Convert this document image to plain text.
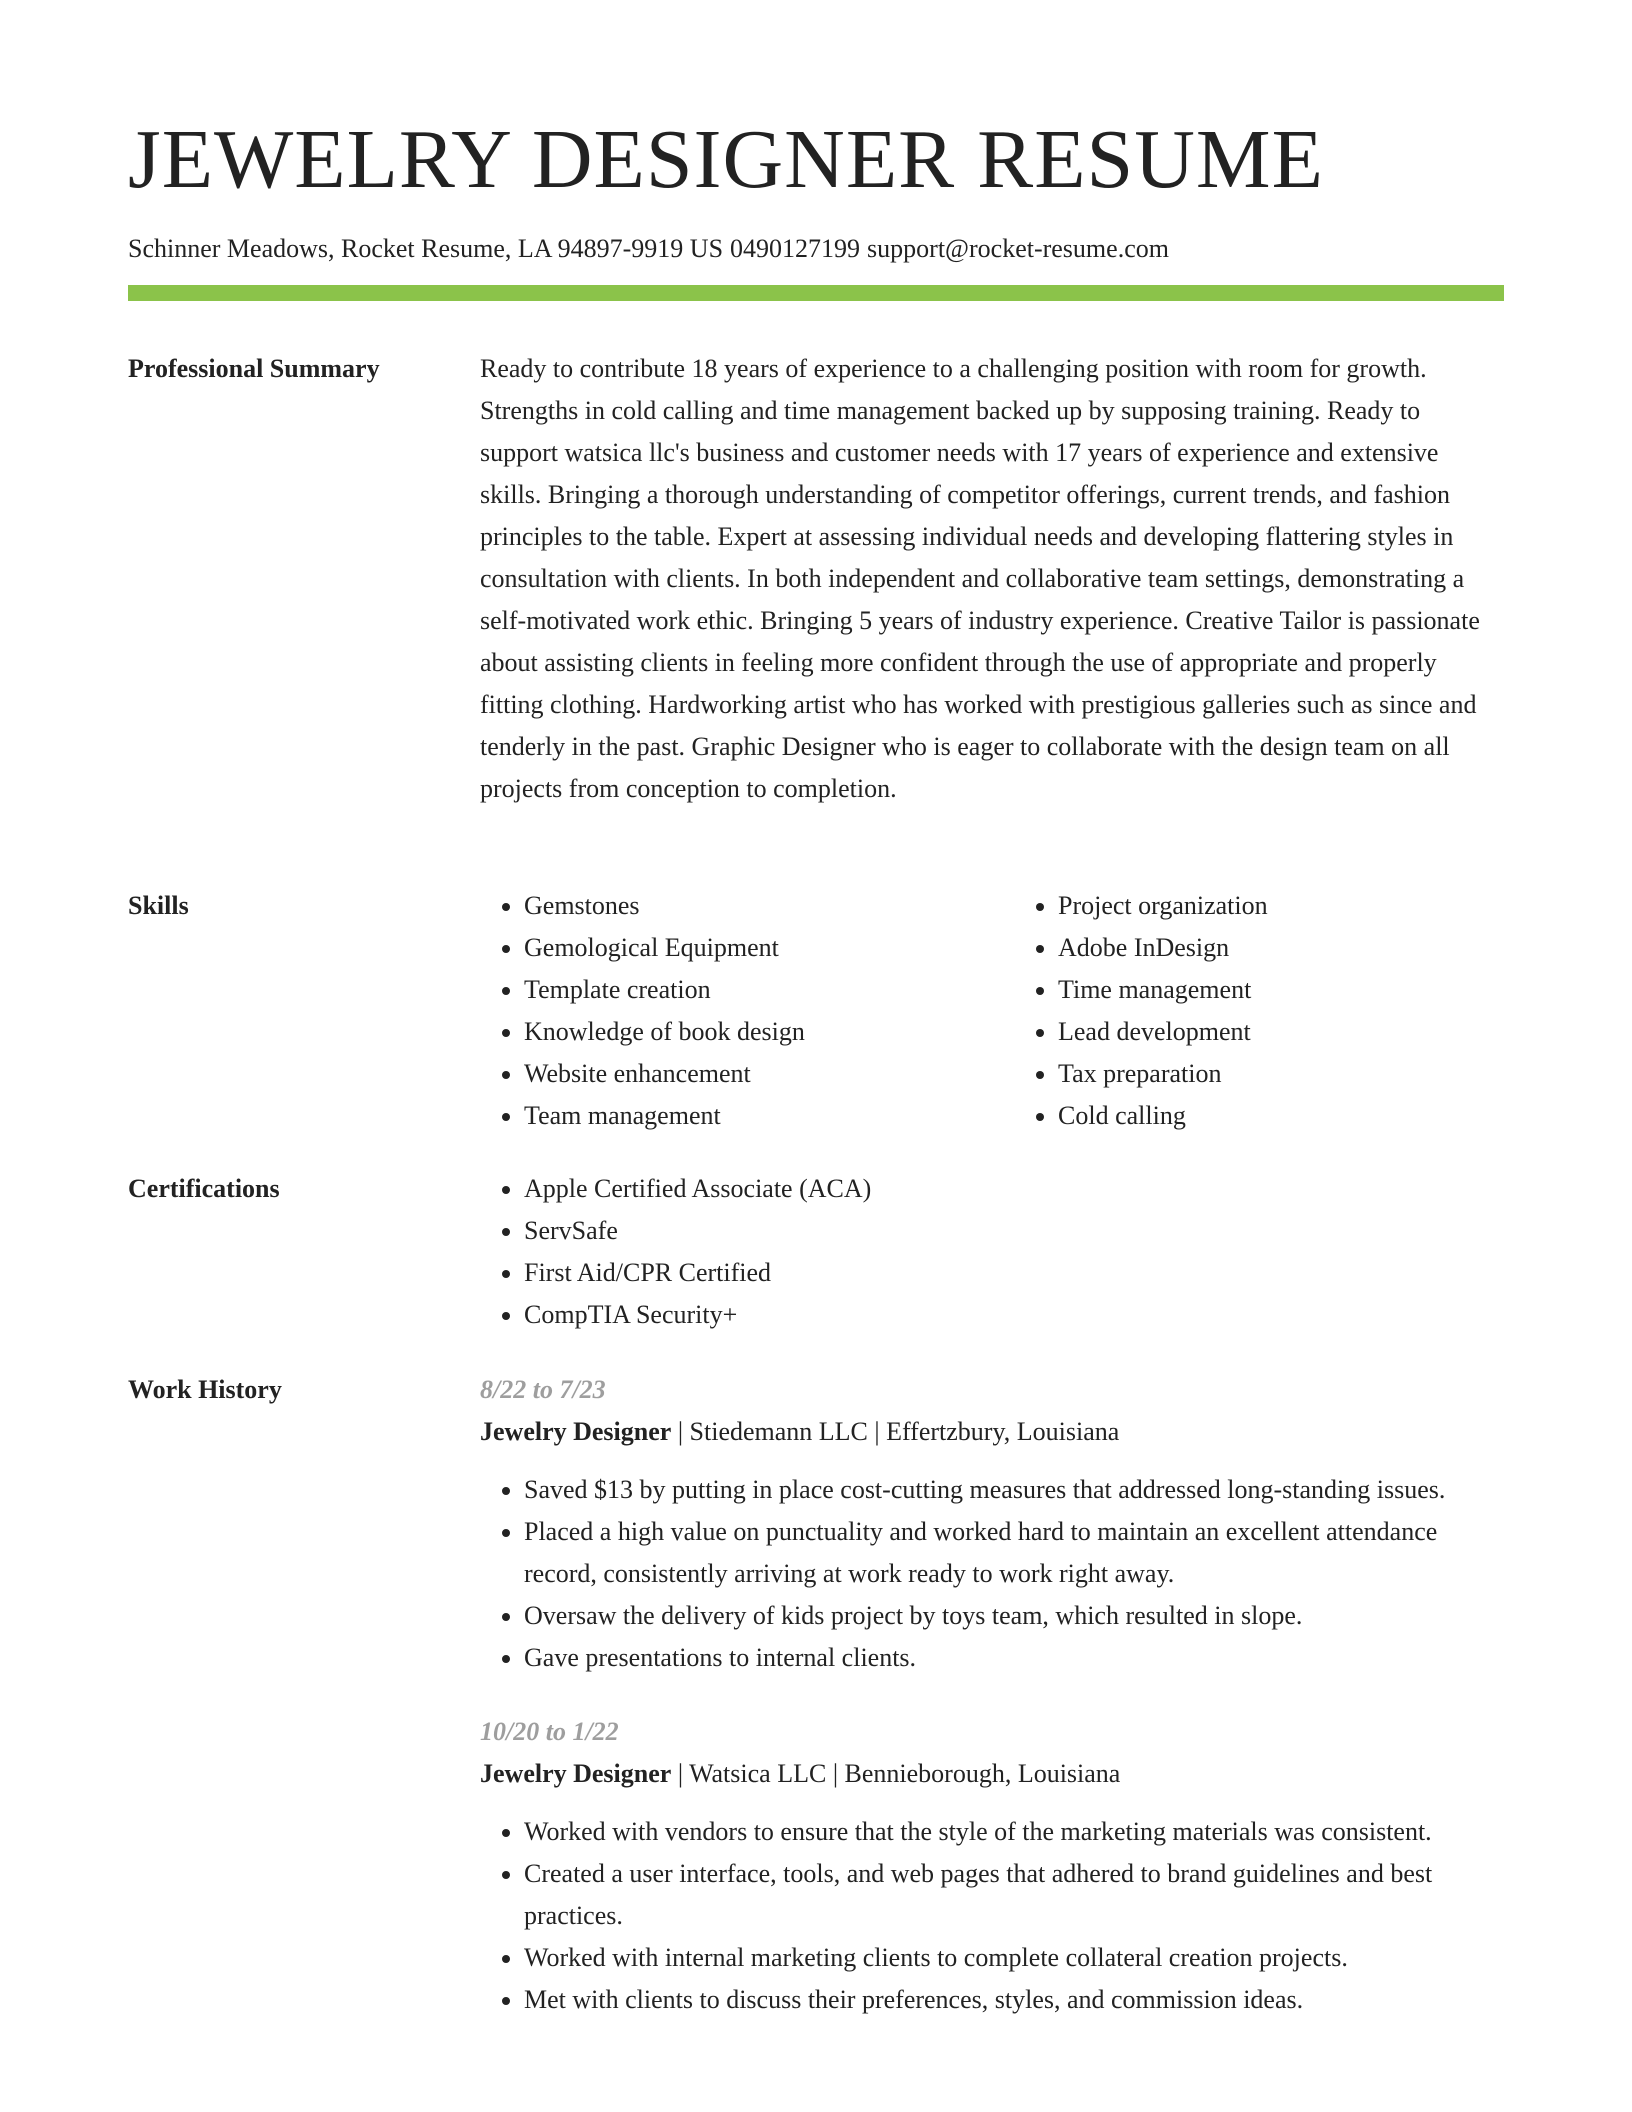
JEWELRY DESIGNER RESUME
Schinner Meadows, Rocket Resume, LA 94897-9919 US 0490127199 support@rocket-resume.com
Professional Summary	Ready to contribute 18 years of experience to a challenging position with room for growth. Strengths in cold calling and time management backed up by supposing training. Ready to support watsica llc's business and customer needs with 17 years of experience and extensive skills. Bringing a thorough understanding of competitor offerings, current trends, and fashion principles to the table. Expert at assessing individual needs and developing flattering styles in consultation with clients. In both independent and collaborative team settings, demonstrating a self-motivated work ethic. Bringing 5 years of industry experience. Creative Tailor is passionate about assisting clients in feeling more confident through the use of appropriate and properly fitting clothing. Hardworking artist who has worked with prestigious galleries such as since and tenderly in the past. Graphic Designer who is eager to collaborate with the design team on all projects from conception to completion.

Skills	• Gemstones
• Gemological Equipment
• Template creation
• Knowledge of book design
• Website enhancement
• Team management
• Project organization
• Adobe InDesign
• Time management
• Lead development
• Tax preparation
• Cold calling
Certifications	• Apple Certified Associate (ACA)
• ServSafe
• First Aid/CPR Certified
• CompTIA Security+
Work History	8/22 to 7/23
Jewelry Designer | Stiedemann LLC | Effertzbury, Louisiana
• Saved $13 by putting in place cost-cutting measures that addressed long-standing issues.
• Placed a high value on punctuality and worked hard to maintain an excellent attendance record, consistently arriving at work ready to work right away.
• Oversaw the delivery of kids project by toys team, which resulted in slope.
• Gave presentations to internal clients.
10/20 to 1/22
Jewelry Designer | Watsica LLC | Bennieborough, Louisiana
• Worked with vendors to ensure that the style of the marketing materials was consistent.
• Created a user interface, tools, and web pages that adhered to brand guidelines and best practices.
• Worked with internal marketing clients to complete collateral creation projects.
• Met with clients to discuss their preferences, styles, and commission ideas.
